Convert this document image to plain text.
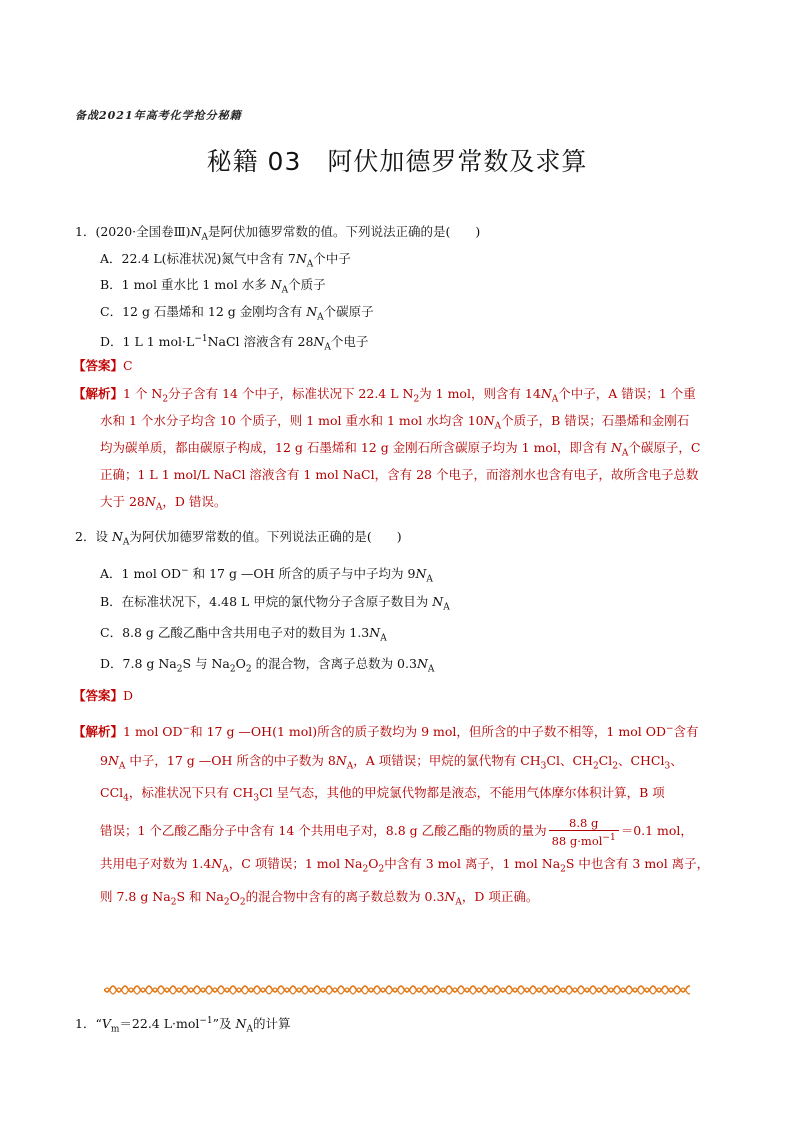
备战2021年高考化学抢分秘籍
秘籍 03　阿伏加德罗常数及求算
1．(2020·全国卷$Ⅲ)N_A$是阿伏加德罗常数的值。下列说法正确的是(　　)
A．22.4 L(标准状况)氮气中含有 $7N_A$个中子
B．1 mol 重水比 1 mol 水多 $N_A$个质子
C．12 g 石墨烯和 12 g 金刚均含有 $N_A$个碳原子
D．1 L 1 $mol\cdot L^{-1}NaCl$ 溶液含有 $28N_A$个电子
【答案】C
【解析】1 个 $N_2$分子含有 14 个中子，标准状况下 22.4 L $N_2$为 1 mol，则含有 $14N_A$个中子，A 错误；1 个重
水和 1 个水分子均含 10 个质子，则 1 mol 重水和 1 mol 水均含 $10N_A$个质子，B 错误；石墨烯和金刚石
均为碳单质，都由碳原子构成，12 g 石墨烯和 12 g 金刚石所含碳原子均为 1 mol，即含有 $N_A$个碳原子，C
正确；1 L 1 mol/L NaCl 溶液含有 1 mol NaCl，含有 28 个电子，而溶剂水也含有电子，故所含电子总数
大于 $28N_A$，D 错误。
2．设 $N_A$为阿伏加德罗常数的值。下列说法正确的是(　　)
A．1 mol OD− 和 17 g —OH 所含的质子与中子均为 $9N_A$
B．在标准状况下，4.48 L 甲烷的氯代物分子含原子数目为 $N_A$
C．8.8 g 乙酸乙酯中含共用电子对的数目为 $1.3N_A$
D．7.8 g $Na_2S$ 与 $Na_2O_2$ 的混合物，含离子总数为 $0.3N_A$
【答案】D
【解析】1 mol OD−和 17 g —OH(1 mol)所含的质子数均为 9 mol，但所含的中子数不相等，1 mol OD−含有
$9N_A$ 中子，17 g —OH 所含的中子数为 $8N_A$，A 项错误；甲烷的氯代物有 $CH_3Cl$、$CH_2Cl_2$、CHCl$_3$、
CCl$_4$，标准状况下只有 $CH_3Cl$ 呈气态，其他的甲烷氯代物都是液态，不能用气体摩尔体积计算，B 项
错误；1 个乙酸乙酯分子中含有 14 个共用电子对，8.8 g 乙酸乙酯的物质的量为 $\frac{8.8 g}{88 g\cdot mol^{-1}} =0.1$ mol，
共用电子对数为 $1.4N_A$，C 项错误；1 mol $Na_2O_2$中含有 3 mol 离子，1 mol $Na_2S$ 中也含有 3 mol 离子，
则 7.8 g $Na_2S$ 和 $Na_2O_2$的混合物中含有的离子数总数为 $0.3N_A$，D 项正确。
1．“$V_m=22.4$ L·mol$^{-1}$”及 $N_A$的计算
